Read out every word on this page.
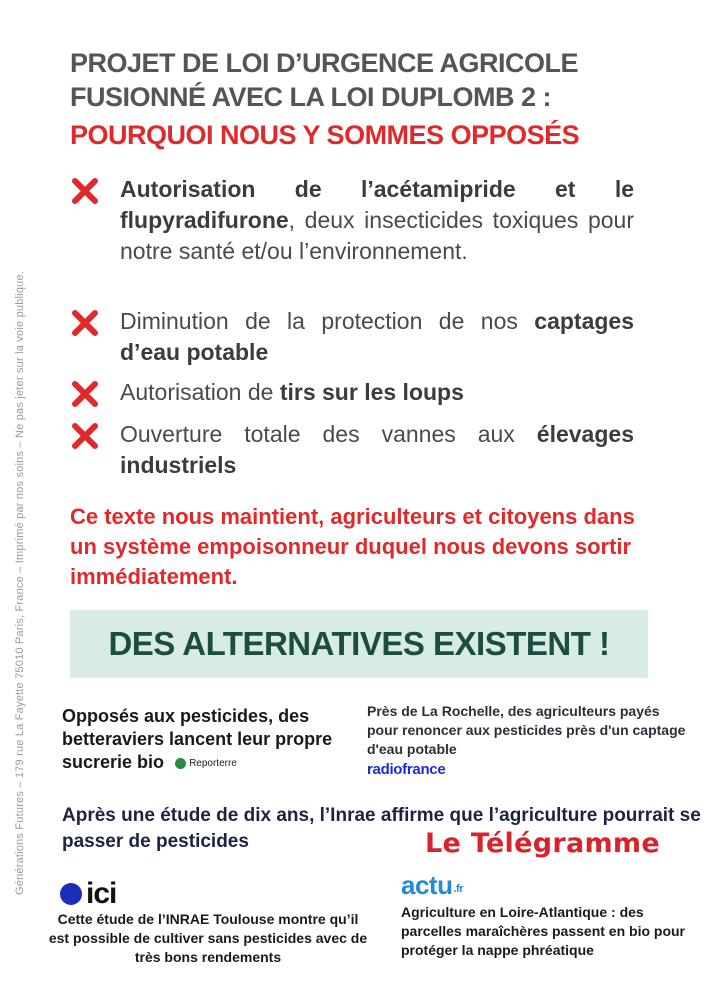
Générations Futures – 179 rue La Fayette 75010 Paris, France – Imprimé par nos soins – Ne pas jeter sur la voie publique.
PROJET DE LOI D’URGENCE AGRICOLE
FUSIONNÉ AVEC LA LOI DUPLOMB 2 :
POURQUOI NOUS Y SOMMES OPPOSÉS
Autorisation de l’acétamipride et le flupyradifurone, deux insecticides toxiques pour notre santé et/ou l’environnement.
Diminution de la protection de nos captages d’eau potable
Autorisation de tirs sur les loups
Ouverture totale des vannes aux élevages industriels
Ce texte nous maintient, agriculteurs et citoyens dans un système empoisonneur duquel nous devons sortir immédiatement.
DES ALTERNATIVES EXISTENT !
Opposés aux pesticides, des betteraviers lancent leur propre sucrerie bio	Reporterre
Près de La Rochelle, des agriculteurs payés pour renoncer aux pesticides près d'un captage d'eau potable
radiofrance
Après une étude de dix ans, l’Inrae affirme que l’agriculture pourrait se passer de pesticides	Le Télégramme
ici
Cette étude de l’INRAE Toulouse montre qu’il est possible de cultiver sans pesticides avec de très bons rendements
actu$_{.fr}$
Agriculture en Loire-Atlantique : des parcelles maraîchères passent en bio pour protéger la nappe phréatique
